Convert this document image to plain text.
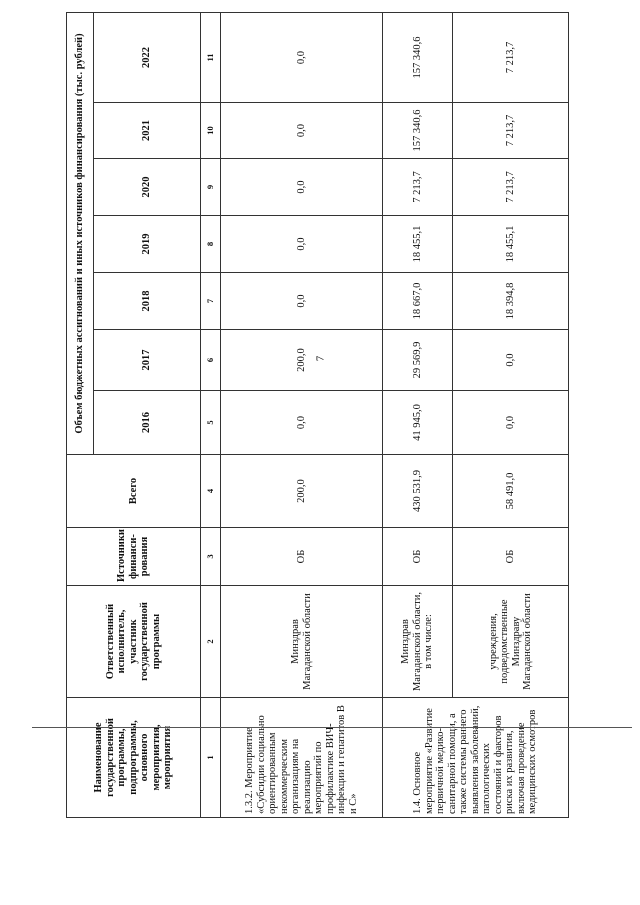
7
Наименование государственной программы, подпрограммы, основного мероприятия, мероприятия	Ответственный исполнитель, участник государственной программы	Источники финанси-рования	Всего	Объем бюджетных ассигнований и иных источников финансирования (тыс. рублей)						
				2016	2017	2018	2019	2020	2021	2022
1	2	3	4	5	6	7	8	9	10	11
1.3.2. Мероприятие «Субсидии социально ориентированным некоммерческим организациям на реализацию мероприятий по профилактике ВИЧ-инфекции и гепатитов В и С»	Минздрав Магаданской области	ОБ	200,0	0,0	200,0	0,0	0,0	0,0	0,0	0,0
1.4. Основное мероприятие «Развитие первичной медико-санитарной помощи, а также системы раннего выявления заболеваний, патологических состояний и факторов риска их развития, включая проведение медицинских осмотров	Минздрав Магаданской области, в том числе:	ОБ	430 531,9	41 945,0	29 569,9	18 667,0	18 455,1	7 213,7	157 340,6	157 340,6
	учреждения, подведомственные Минздраву Магаданской области	ОБ	58 491,0	0,0	0,0	18 394,8	18 455,1	7 213,7	7 213,7	7 213,7
